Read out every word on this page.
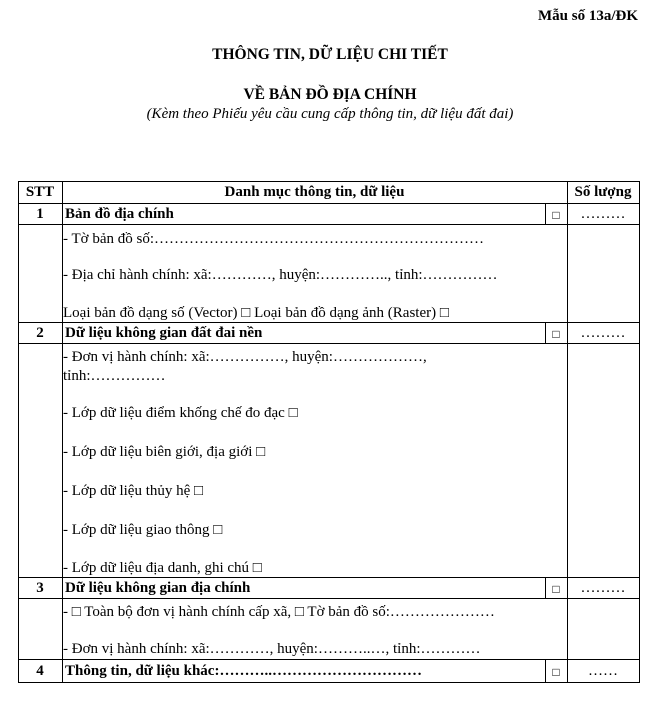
Mẫu số 13a/ĐK
THÔNG TIN, DỮ LIỆU CHI TIẾT
VỀ BẢN ĐỒ ĐỊA CHÍNH
(Kèm theo Phiếu yêu cầu cung cấp thông tin, dữ liệu đất đai)
STT	Danh mục thông tin, dữ liệu	Số lượng
1	Bản đồ địa chính	□	………
- Tờ bản đồ số:…………………………………………………………
- Địa chỉ hành chính: xã:…………, huyện:………….., tỉnh:……………
Loại bản đồ dạng số (Vector) □ Loại bản đồ dạng ảnh (Raster) □
2	Dữ liệu không gian đất đai nền	□	………
- Đơn vị hành chính: xã:……………, huyện:………………,
tỉnh:……………
- Lớp dữ liệu điểm khống chế đo đạc □
- Lớp dữ liệu biên giới, địa giới □
- Lớp dữ liệu thủy hệ □
- Lớp dữ liệu giao thông □
- Lớp dữ liệu địa danh, ghi chú □
3	Dữ liệu không gian địa chính	□	………
- □ Toàn bộ đơn vị hành chính cấp xã, □ Tờ bản đồ số:…………………
- Đơn vị hành chính: xã:…………, huyện:………..…, tỉnh:…………
4	Thông tin, dữ liệu khác:………..…………………………	□	……
